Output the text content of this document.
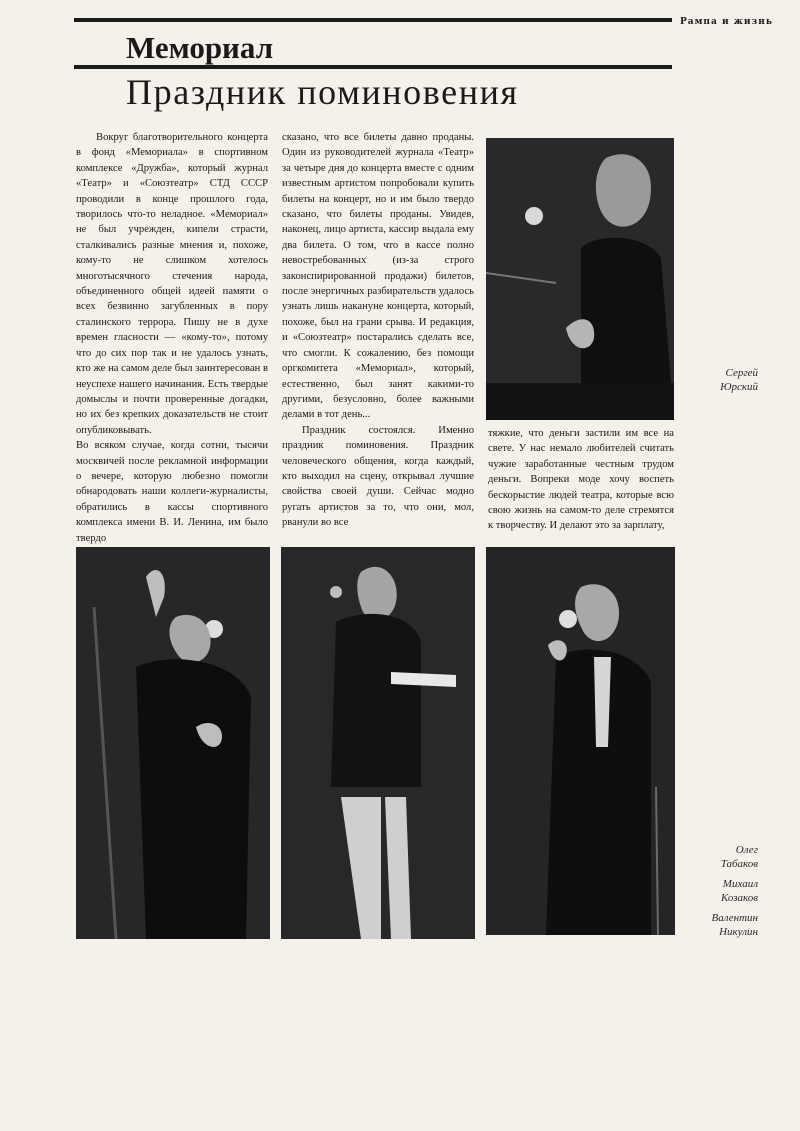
Рампа и жизнь
Мемориал
Праздник поминовения

Вокруг благотворительного концерта в фонд «Мемориала» в спортивном комплексе «Дружба», который журнал «Театр» и «Союзтеатр» СТД СССР проводили в конце прошлого года, творилось что-то неладное. «Мемориал» не был учрежден, кипели страсти, сталкивались разные мнения и, похоже, кому-то не слишком хотелось многотысячного стечения народа, объединенного общей идеей памяти о всех безвинно загубленных в пору сталинского террора. Пишу не в духе времен гласности — «кому-то», потому что до сих пор так и не удалось узнать, кто же на самом деле был заинтересован в неуспехе нашего начинания. Есть твердые домыслы и почти проверенные догадки, но их без крепких доказательств не стоит опубликовывать.

Во всяком случае, когда сотни, тысячи москвичей после рекламной информации о вечере, которую любезно помогли обнародовать наши коллеги-журналисты, обратились в кассы спортивного комплекса имени В. И. Ленина, им было твердо

сказано, что все билеты давно проданы. Один из руководителей журнала «Театр» за четыре дня до концерта вместе с одним известным артистом попробовали купить билеты на концерт, но и им было твердо сказано, что билеты проданы. Увидев, наконец, лицо артиста, кассир выдала ему два билета. О том, что в кассе полно невостребованных (из-за строго законспирированной продажи) билетов, после энергичных разбирательств удалось узнать лишь накануне концерта, который, похоже, был на грани срыва. И редакция, и «Союзтеатр» постарались сделать все, что смогли. К сожалению, без помощи оргкомитета «Мемориал», который, естественно, был занят какими-то другими, безусловно, более важными делами в тот день...

Праздник состоялся. Именно праздник поминовения. Праздник человеческого общения, когда каждый, кто выходил на сцену, открывал лучшие свойства своей души. Сейчас модно ругать артистов за то, что они, мол, рванули во все

тяжкие, что деньги застили им все на свете. У нас немало любителей считать чужие заработанные честным трудом деньги. Вопреки моде хочу воспеть бескорыстие людей театра, которые всю свою жизнь на самом-то деле стремятся к творчеству. И делают это за зарплату,

Сергей
Юрский
Олег
Табаков
Михаил
Козаков
Валентин
Никулин
